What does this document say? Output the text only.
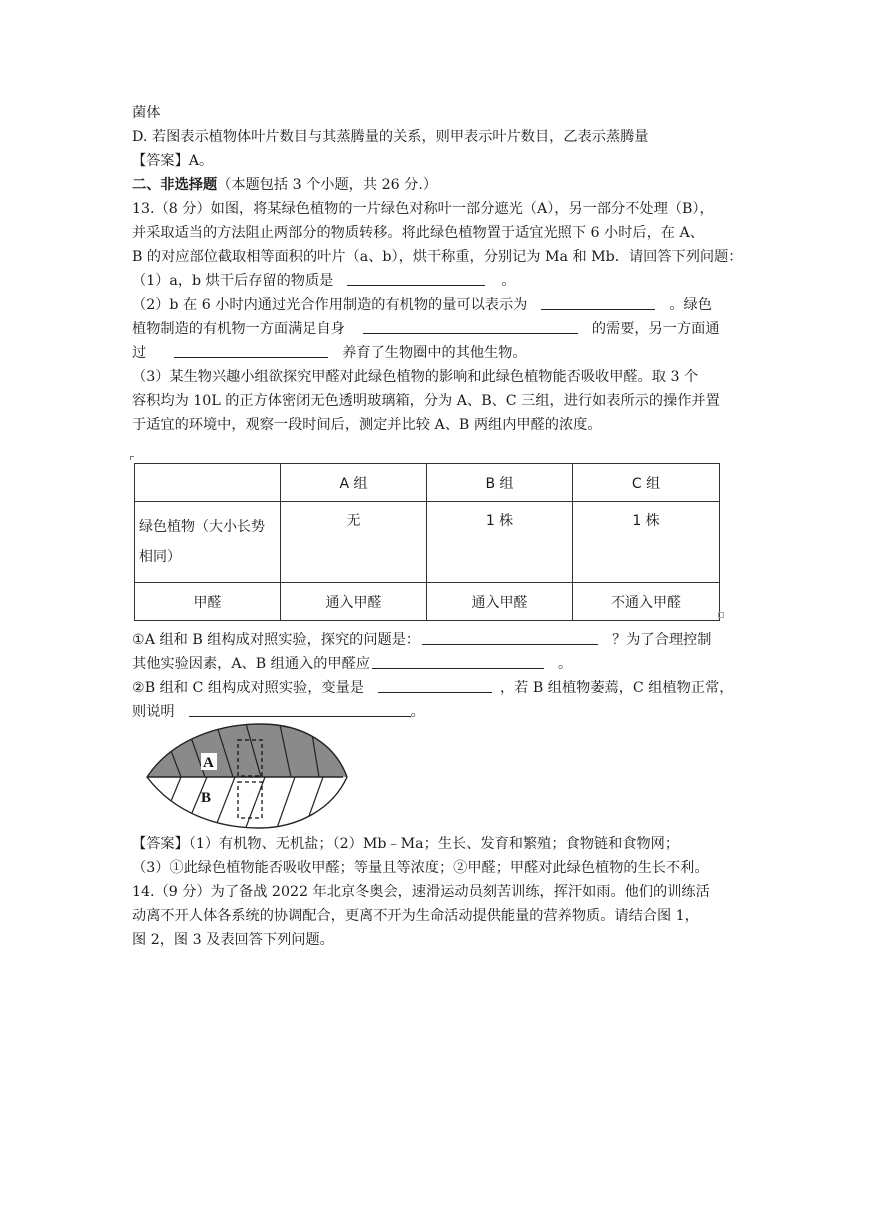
菌体
D. 若图表示植物体叶片数目与其蒸腾量的关系，则甲表示叶片数目，乙表示蒸腾量
【答案】A。
二、非选择题（本题包括 3 个小题，共 26 分.）
13.（8 分）如图，将某绿色植物的一片绿色对称叶一部分遮光（A），另一部分不处理（B），
并采取适当的方法阻止两部分的物质转移。将此绿色植物置于适宜光照下 6 小时后，在 A、
B 的对应部位截取相等面积的叶片（a、b），烘干称重，分别记为 Ma 和 Mb．请回答下列问题：
（1）a，b 烘干后存留的物质是	。
（2）b 在 6 小时内通过光合作用制造的有机物的量可以表示为	。绿色
植物制造的有机物一方面满足自身	的需要，另一方面通
过	养育了生物圈中的其他生物。
（3）某生物兴趣小组欲探究甲醛对此绿色植物的影响和此绿色植物能否吸收甲醛。取 3 个
容积均为 10L 的正方体密闭无色透明玻璃箱，分为 A、B、C 三组，进行如表所示的操作并置
于适宜的环境中，观察一段时间后，测定并比较 A、B 两组内甲醛的浓度。
	A 组	B 组	C 组
绿色植物（大小长势
相同）	无	1 株	1 株
甲醛	通入甲醛	通入甲醛	不通入甲醛
①A 组和 B 组构成对照实验，探究的问题是：	？为了合理控制
其他实验因素，A、B 组通入的甲醛应	。
②B 组和 C 组构成对照实验，变量是	，若 B 组植物萎蔫，C 组植物正常，
则说明	。
A
B
【答案】（1）有机物、无机盐；（2）Mb﹣Ma；生长、发育和繁殖；食物链和食物网；
（3）①此绿色植物能否吸收甲醛；等量且等浓度；②甲醛；甲醛对此绿色植物的生长不利。
14.（9 分）为了备战 2022 年北京冬奥会，速滑运动员刻苦训练，挥汗如雨。他们的训练活
动离不开人体各系统的协调配合，更离不开为生命活动提供能量的营养物质。请结合图 1，
图 2，图 3 及表回答下列问题。
